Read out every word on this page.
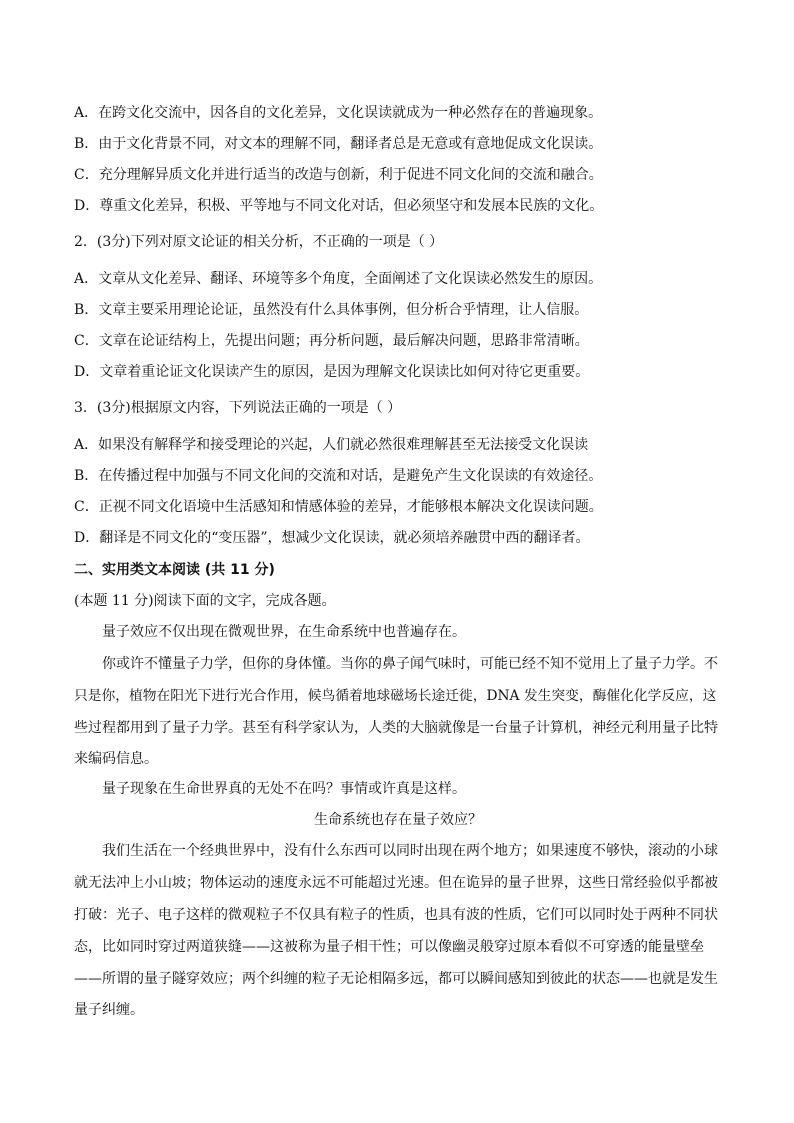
A．在跨文化交流中，因各自的文化差异，文化误读就成为一种必然存在的普遍现象。
B．由于文化背景不同，对文本的理解不同，翻译者总是无意或有意地促成文化误读。
C．充分理解异质文化并进行适当的改造与创新，利于促进不同文化间的交流和融合。
D．尊重文化差异，积极、平等地与不同文化对话，但必须坚守和发展本民族的文化。
2．(3分)下列对原文论证的相关分析，不正确的一项是（ ）
A．文章从文化差异、翻译、环境等多个角度，全面阐述了文化误读必然发生的原因。
B．文章主要采用理论论证，虽然没有什么具体事例，但分析合乎情理，让人信服。
C．文章在论证结构上，先提出问题；再分析问题，最后解决问题，思路非常清晰。
D．文章着重论证文化误读产生的原因，是因为理解文化误读比如何对待它更重要。
3．(3分)根据原文内容，下列说法正确的一项是（ ）
A．如果没有解释学和接受理论的兴起，人们就必然很难理解甚至无法接受文化误读
B．在传播过程中加强与不同文化间的交流和对话，是避免产生文化误读的有效途径。
C．正视不同文化语境中生活感知和情感体验的差异，才能够根本解决文化误读问题。
D．翻译是不同文化的“变压器”，想减少文化误读，就必须培养融贯中西的翻译者。
二、实用类文本阅读 (共 11 分)
(本题 11 分)阅读下面的文字，完成各题。
量子效应不仅出现在微观世界，在生命系统中也普遍存在。
你或许不懂量子力学，但你的身体懂。当你的鼻子闻气味时，可能已经不知不觉用上了量子力学。不
只是你，植物在阳光下进行光合作用，候鸟循着地球磁场长途迁徙，DNA 发生突变，酶催化化学反应，这
些过程都用到了量子力学。甚至有科学家认为，人类的大脑就像是一台量子计算机，神经元利用量子比特
来编码信息。
量子现象在生命世界真的无处不在吗？事情或许真是这样。
生命系统也存在量子效应？
我们生活在一个经典世界中，没有什么东西可以同时出现在两个地方；如果速度不够快，滚动的小球
就无法冲上小山坡；物体运动的速度永远不可能超过光速。但在诡异的量子世界，这些日常经验似乎都被
打破：光子、电子这样的微观粒子不仅具有粒子的性质，也具有波的性质，它们可以同时处于两种不同状
态，比如同时穿过两道狭缝——这被称为量子相干性；可以像幽灵般穿过原本看似不可穿透的能量壁垒
——所谓的量子隧穿效应；两个纠缠的粒子无论相隔多远，都可以瞬间感知到彼此的状态——也就是发生
量子纠缠。
